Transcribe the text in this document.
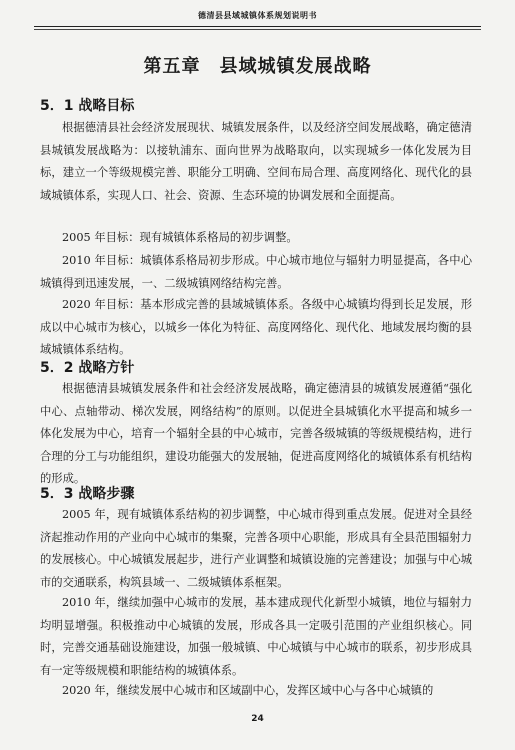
德清县县域城镇体系规划说明书
第五章　县域城镇发展战略
5．1 战略目标

根据德清县社会经济发展现状、城镇发展条件，以及经济空间发展战略，确定德清县城镇发展战略为：以接轨浦东、面向世界为战略取向，以实现城乡一体化发展为目标，建立一个等级规模完善、职能分工明确、空间布局合理、高度网络化、现代化的县域城镇体系，实现人口、社会、资源、生态环境的协调发展和全面提高。

2005 年目标：现有城镇体系格局的初步调整。

2010 年目标：城镇体系格局初步形成。中心城市地位与辐射力明显提高，各中心城镇得到迅速发展，一、二级城镇网络结构完善。

2020 年目标：基本形成完善的县域城镇体系。各级中心城镇均得到长足发展，形成以中心城市为核心，以城乡一体化为特征、高度网络化、现代化、地域发展均衡的县域城镇体系结构。

5．2 战略方针

根据德清县城镇发展条件和社会经济发展战略，确定德清县的城镇发展遵循“强化中心、点轴带动、梯次发展，网络结构”的原则。以促进全县城镇化水平提高和城乡一体化发展为中心，培育一个辐射全县的中心城市，完善各级城镇的等级规模结构，进行合理的分工与功能组织，建设功能强大的发展轴，促进高度网络化的城镇体系有机结构的形成。

5．3 战略步骤

2005 年，现有城镇体系结构的初步调整，中心城市得到重点发展。促进对全县经济起推动作用的产业向中心城市的集聚，完善各项中心职能，形成具有全县范围辐射力的发展核心。中心城镇发展起步，进行产业调整和城镇设施的完善建设；加强与中心城市的交通联系，构筑县域一、二级城镇体系框架。

2010 年，继续加强中心城市的发展，基本建成现代化新型小城镇，地位与辐射力均明显增强。积极推动中心城镇的发展，形成各具一定吸引范围的产业组织核心。同时，完善交通基础设施建设，加强一般城镇、中心城镇与中心城市的联系，初步形成具有一定等级规模和职能结构的城镇体系。

2020 年，继续发展中心城市和区域副中心，发挥区域中心与各中心城镇的

24
